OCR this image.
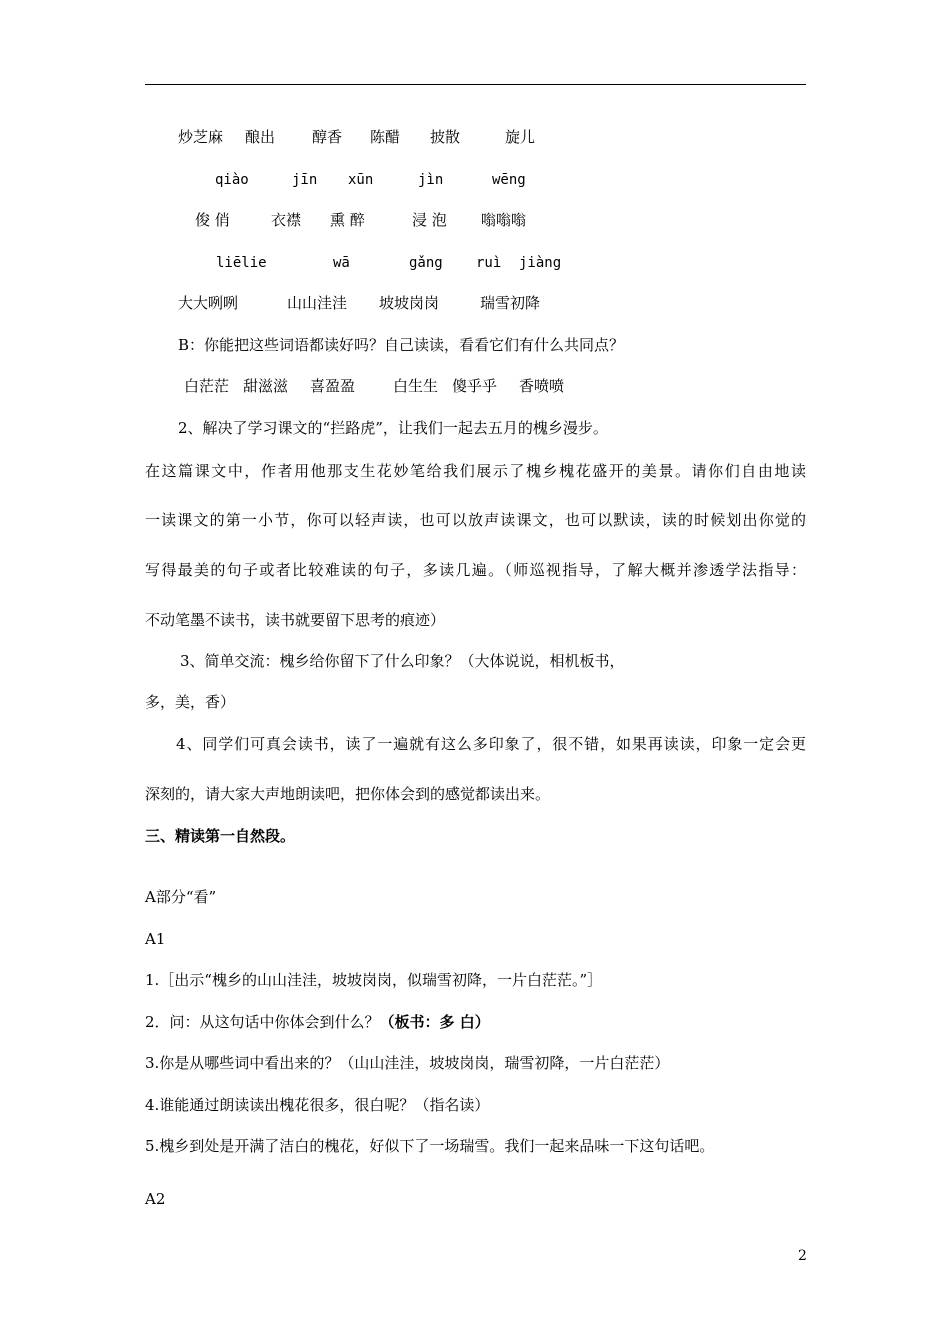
炒芝麻 酿出 醇香 陈醋 披散	旋儿
qiào	jīn xūn	jìn	wēng
俊 俏	衣襟 熏 醉	浸 泡 嗡嗡嗡
liēlie	wā	gǎng ruì jiàng
大大咧咧	山山洼洼 坡坡岗岗	瑞雪初降
B：你能把这些词语都读好吗？自己读读，看看它们有什么共同点？
白茫茫 甜滋滋 喜盈盈	白生生 傻乎乎 香喷喷
2、解决了学习课文的“拦路虎”，让我们一起去五月的槐乡漫步。
在这篇课文中，作者用他那支生花妙笔给我们展示了槐乡槐花盛开的美景。请你们自由地读
一读课文的第一小节，你可以轻声读，也可以放声读课文，也可以默读，读的时候划出你觉的
写得最美的句子或者比较难读的句子，多读几遍。（师巡视指导，了解大概并渗透学法指导：
不动笔墨不读书，读书就要留下思考的痕迹）
3、简单交流：槐乡给你留下了什么印象？（大体说说，相机板书，
多，美，香）
4、同学们可真会读书，读了一遍就有这么多印象了，很不错，如果再读读，印象一定会更
深刻的，请大家大声地朗读吧，把你体会到的感觉都读出来。
三、精读第一自然段。
A部分“看”
A1
1.［出示“槐乡的山山洼洼，坡坡岗岗，似瑞雪初降，一片白茫茫。”］
2．问：从这句话中你体会到什么？（板书：多 白）
3.你是从哪些词中看出来的？（山山洼洼，坡坡岗岗，瑞雪初降，一片白茫茫）
4.谁能通过朗读读出槐花很多，很白呢？（指名读）
5.槐乡到处是开满了洁白的槐花，好似下了一场瑞雪。我们一起来品味一下这句话吧。
A2
2
